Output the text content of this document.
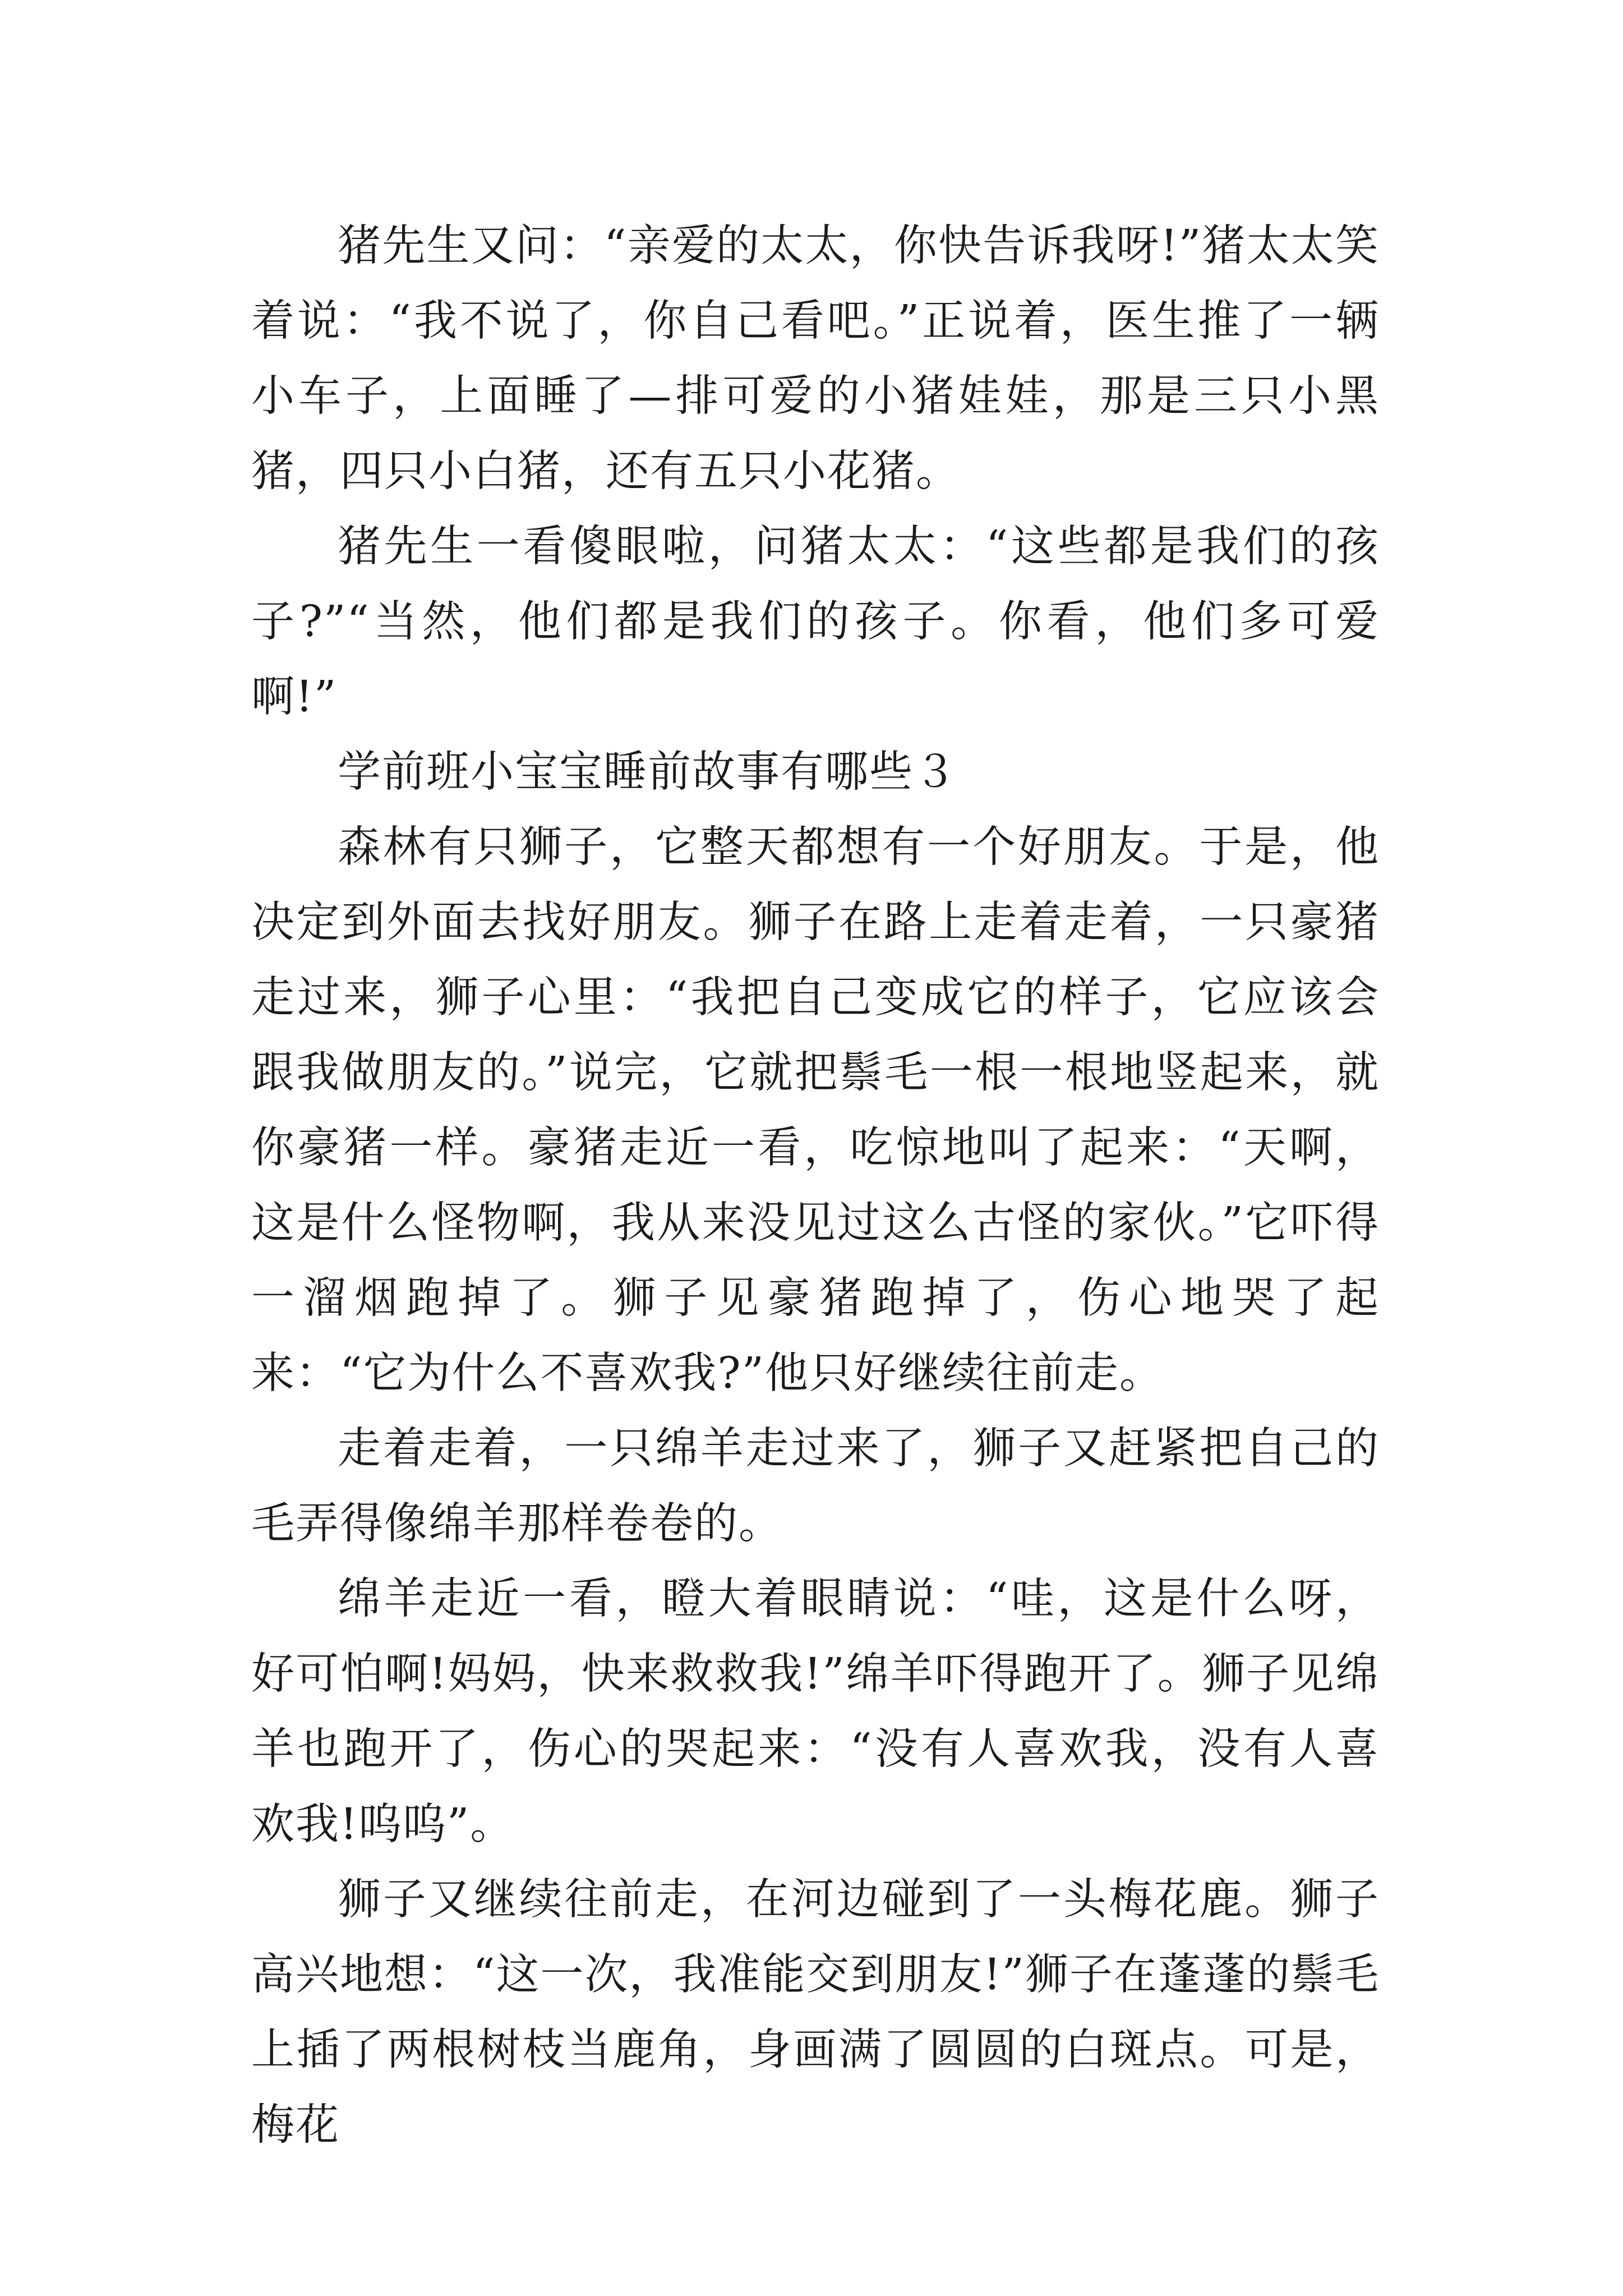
猪先生又问：“亲爱的太太，你快告诉我呀!”猪太太笑着说：“我不说了，你自己看吧。”正说着，医生推了一辆小车子，上面睡了—排可爱的小猪娃娃，那是三只小黑猪，四只小白猪，还有五只小花猪。

猪先生一看傻眼啦，问猪太太：“这些都是我们的孩子?”“当然，他们都是我们的孩子。你看，他们多可爱啊!”

学前班小宝宝睡前故事有哪些３

森林有只狮子，它整天都想有一个好朋友。于是，他决定到外面去找好朋友。狮子在路上走着走着，一只豪猪走过来，狮子心里：“我把自己变成它的样子，它应该会跟我做朋友的。”说完，它就把鬃毛一根一根地竖起来，就你豪猪一样。豪猪走近一看，吃惊地叫了起来：“天啊，这是什么怪物啊，我从来没见过这么古怪的家伙。”它吓得一溜烟跑掉了。狮子见豪猪跑掉了，伤心地哭了起来：“它为什么不喜欢我?”他只好继续往前走。

走着走着，一只绵羊走过来了，狮子又赶紧把自己的毛弄得像绵羊那样卷卷的。

绵羊走近一看，瞪大着眼睛说：“哇，这是什么呀，好可怕啊!妈妈，快来救救我!”绵羊吓得跑开了。狮子见绵羊也跑开了，伤心的哭起来：“没有人喜欢我，没有人喜欢我!呜呜”。

狮子又继续往前走，在河边碰到了一头梅花鹿。狮子高兴地想：“这一次，我准能交到朋友!”狮子在蓬蓬的鬃毛上插了两根树枝当鹿角，身画满了圆圆的白斑点。可是，梅花
